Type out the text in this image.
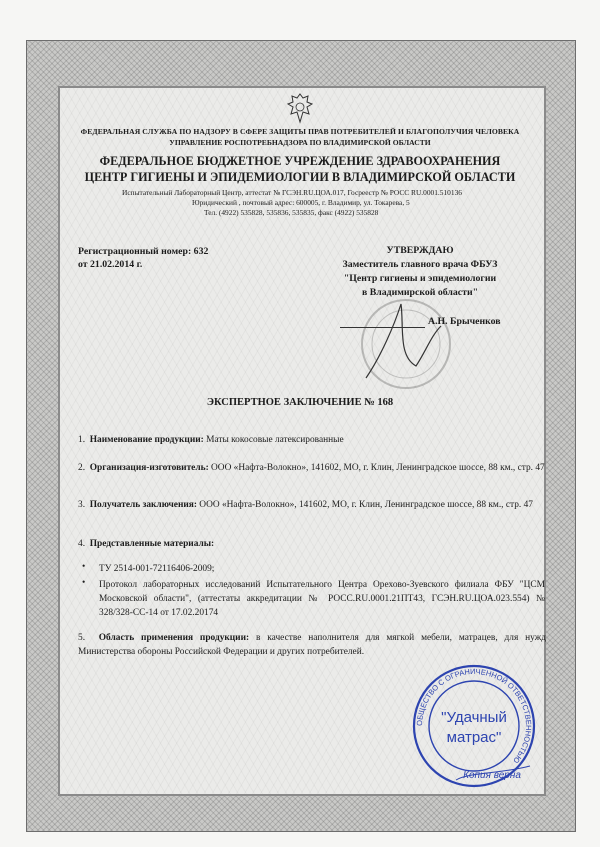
ФЕДЕРАЛЬНАЯ СЛУЖБА ПО НАДЗОРУ В СФЕРЕ ЗАЩИТЫ ПРАВ ПОТРЕБИТЕЛЕЙ И БЛАГОПОЛУЧИЯ ЧЕЛОВЕКА
УПРАВЛЕНИЕ РОСПОТРЕБНАДЗОРА ПО ВЛАДИМИРСКОЙ ОБЛАСТИ
ФЕДЕРАЛЬНОЕ БЮДЖЕТНОЕ УЧРЕЖДЕНИЕ ЗДРАВООХРАНЕНИЯ
ЦЕНТР ГИГИЕНЫ И ЭПИДЕМИОЛОГИИ В ВЛАДИМИРСКОЙ ОБЛАСТИ
Испытательный Лабораторный Центр, аттестат № ГСЭН.RU.ЦОА.017, Госреестр № РОСС RU.0001.510136
Юридический , почтовый адрес: 600005, г. Владимир, ул. Токарева, 5
Тел. (4922) 535828, 535836, 535835, факс (4922) 535828
Регистрационный номер: 632
от 21.02.2014 г.
УТВЕРЖДАЮ
Заместитель главного врача ФБУЗ
"Центр гигиены и эпидемиологии
в Владимирской области"
А.Н. Брыченков
ЭКСПЕРТНОЕ ЗАКЛЮЧЕНИЕ № 168
1. Наименование продукции: Маты кокосовые латексированные
2. Организация-изготовитель: ООО «Нафта-Волокно», 141602, МО, г. Клин, Ленинградское шоссе, 88 км., стр. 47
3. Получатель заключения: ООО «Нафта-Волокно», 141602, МО, г. Клин, Ленинградское шоссе, 88 км., стр. 47
4. Представленные материалы:
• ТУ 2514-001-72116406-2009;
• Протокол лабораторных исследований Испытательного Центра Орехово-Зуевского филиала ФБУ "ЦСМ Московской области", (аттестаты аккредитации № РОСС.RU.0001.21ПТ43, ГСЭН.RU.ЦОА.023.554) № 328/328-СС-14 от 17.02.20174
5. Область применения продукции: в качестве наполнителя для мягкой мебели, матрацев, для нужд Министерства обороны Российской Федерации и других потребителей.
ОБЩЕСТВО С ОГРАНИЧЕННОЙ ОТВЕТСТВЕННОСТЬЮ
"Удачный
матрас"
Копия верна
